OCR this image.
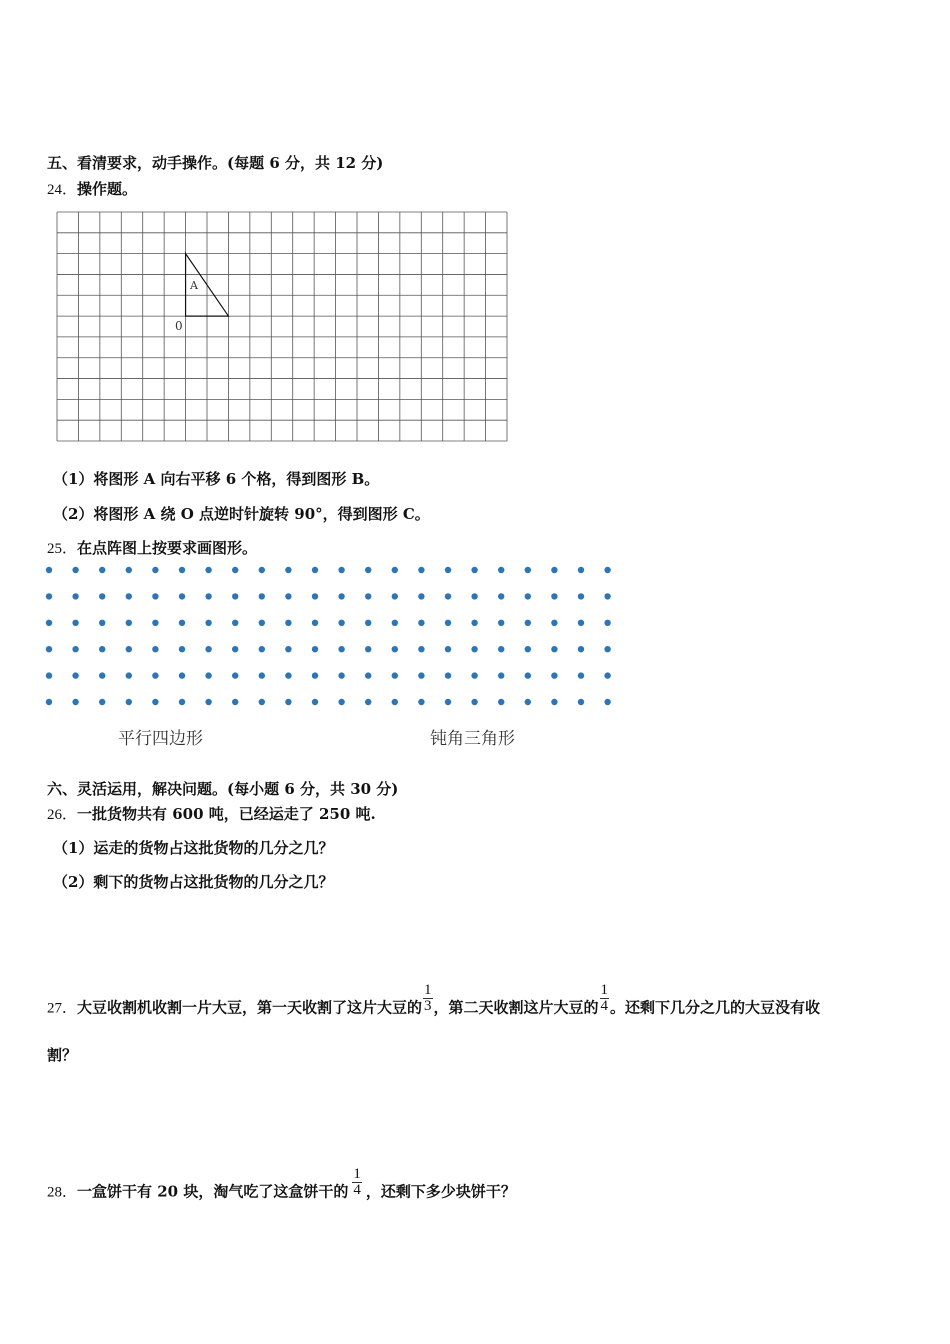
五、看清要求，动手操作。(每题 6 分，共 12 分)
24．操作题。
A
0
（1）将图形 A 向右平移 6 个格，得到图形 B。
（2）将图形 A 绕 O 点逆时针旋转 90°，得到图形 C。
25．在点阵图上按要求画图形。
平行四边形	钝角三角形
六、灵活运用，解决问题。(每小题 6 分，共 30 分)
26．一批货物共有 600 吨，已经运走了 250 吨.
（1）运走的货物占这批货物的几分之几？
（2）剩下的货物占这批货物的几分之几？
27．大豆收割机收割一片大豆，第一天收割了这片大豆的 $\frac{1}{3}$ ，第二天收割这片大豆的 $\frac{1}{4}$ 。还剩下几分之几的大豆没有收
割？
28．一盒饼干有 20 块，淘气吃了这盒饼干的 $\frac{1}{4}$ ，还剩下多少块饼干？
